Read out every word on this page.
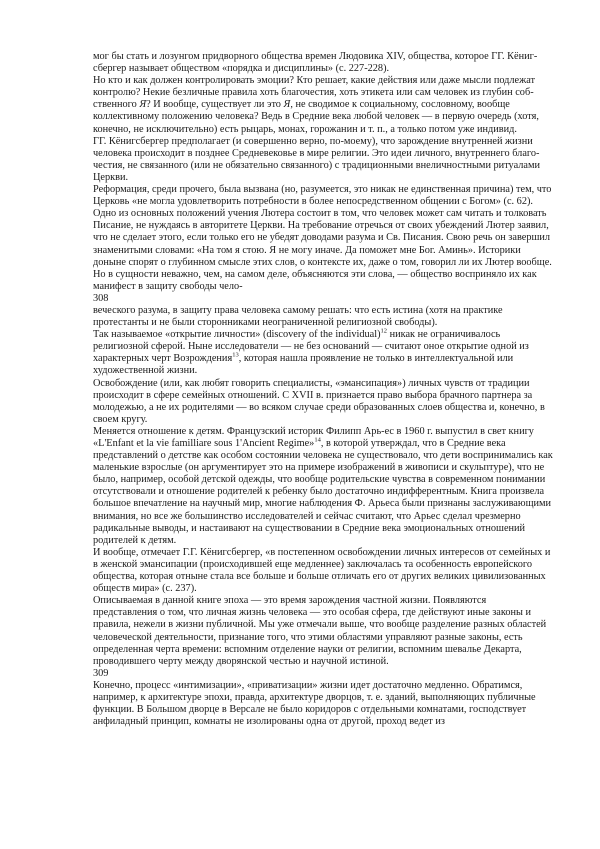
мог бы стать и лозунгом придворного общества времен Людовика XIV, общества, которое ГГ. Кёниг-сбергер называет обществом «порядка и дисциплины» (с. 227-228).

Но кто и как должен контролировать эмоции? Кто решает, какие действия или даже мысли подлежат контролю? Некие безличные правила хоть благочестия, хоть этикета или сам человек из глубин соб-ственного Я? И вообще, существует ли это Я, не сводимое к социальному, сословному, вообще коллективному положению человека? Ведь в Средние века любой человек — в первую очередь (хотя, конечно, не исключительно) есть рыцарь, монах, горожанин и т. п., а только потом уже индивид.

ГГ. Кёнигсбергер предполагает (и совершенно верно, по-моему), что зарождение внутренней жизни человека происходит в позднее Средневековье в мире религии. Это идеи личного, внутреннего благо-честия, не связанного (или не обязательно связанного) с традиционными внеличностными ритуалами Церкви.

Реформация, среди прочего, была вызвана (но, разумеется, это никак не единственная причина) тем, что Церковь «не могла удовлетворить потребности в более непосредственном общении с Богом» (с. 62).

Одно из основных положений учения Лютера состоит в том, что человек может сам читать и толковать Писание, не нуждаясь в авторитете Церкви. На требование отречься от своих убеждений Лютер заявил, что не сделает этого, если только его не убедят доводами разума и Св. Писания. Свою речь он завершил знаменитыми словами: «На том я стою. Я не могу иначе. Да поможет мне Бог. Аминь». Историки доныне спорят о глубинном смысле этих слов, о контексте их, даже о том, говорил ли их Лютер вообще.

Но в сущности неважно, чем, на самом деле, объясняются эти слова, — общество восприняло их как манифест в защиту свободы чело-

308

веческого разума, в защиту права человека самому решать: что есть истина (хотя на практике протестанты и не были сторонниками неограниченной религиозной свободы).

Так называемое «открытие личности» (discovery of the individual)$^{12}$ никак не ограничивалось религиозной сферой. Ныне исследователи — не без оснований — считают оное открытие одной из характерных черт Возрождения$^{13}$, которая нашла проявление не только в интеллектуальной или художественной жизни.

Освобождение (или, как любят говорить специалисты, «эмансипация») личных чувств от традиции происходит в сфере семейных отношений. С XVII в. признается право выбора брачного партнера за молодежью, а не их родителями — во всяком случае среди образованных слоев общества и, конечно, в своем кругу.

Меняется отношение к детям. Французский историк Филипп Арь-ес в 1960 г. выпустил в свет книгу «L'Enfant et la vie familliare sous 1'Ancient Regime»$^{14}$, в которой утверждал, что в Средние века представлений о детстве как особом состоянии человека не существовало, что дети воспринимались как маленькие взрослые (он аргументирует это на примере изображений в живописи и скульптуре), что не было, например, особой детской одежды, что вообще родительские чувства в современном понимании отсутствовали и отношение родителей к ребенку было достаточно индифферентным. Книга произвела большое впечатление на научный мир, многие наблюдения Ф. Арьеса были признаны заслуживающими внимания, но все же большинство исследователей и сейчас считают, что Арьес сделал чрезмерно радикальные выводы, и настаивают на существовании в Средние века эмоциональных отношений родителей к детям.

И вообще, отмечает Г.Г. Кёнигсбергер, «в постепенном освобождении личных интересов от семейных и в женской эмансипации (происходившей еще медленнее) заключалась та особенность европейского общества, которая отныне стала все больше и больше отличать его от других великих цивилизованных обществ мира» (с. 237).

Описываемая в данной книге эпоха — это время зарождения частной жизни. Появляются представления о том, что личная жизнь человека — это особая сфера, где действуют иные законы и правила, нежели в жизни публичной. Мы уже отмечали выше, что вообще разделение разных областей человеческой деятельности, признание того, что этими областями управляют разные законы, есть определенная черта времени: вспомним отделение науки от религии, вспомним шевалье Декарта, проводившего черту между дворянской честью и научной истиной.

309

Конечно, процесс «интимизации», «приватизации» жизни идет достаточно медленно. Обратимся, например, к архитектуре эпохи, правда, архитектуре дворцов, т. е. зданий, выполняющих публичные функции. В Большом дворце в Версале не было коридоров с отдельными комнатами, господствует анфиладный принцип, комнаты не изолированы одна от другой, проход ведет из
